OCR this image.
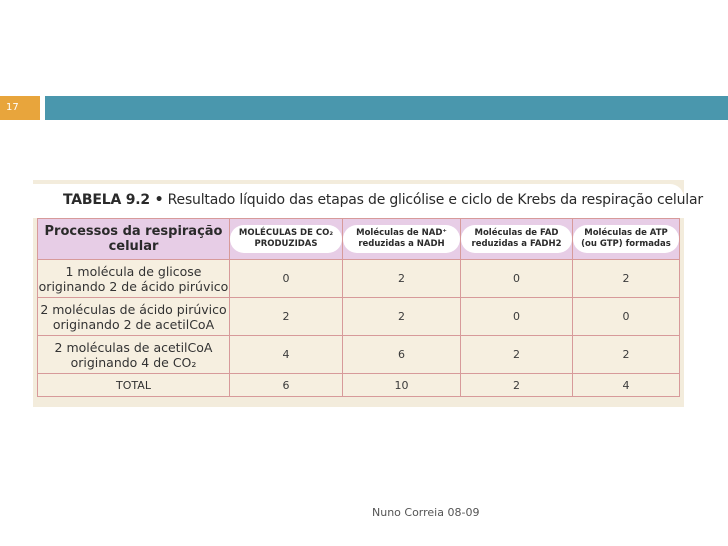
17
TABELA 9.2 • Resultado líquido das etapas de glicólise e ciclo de Krebs da respiração celular
Processos da respiração celular	MOLÉCULAS DE CO₂ PRODUZIDAS	Moléculas de NAD⁺ reduzidas a NADH	Moléculas de FAD reduzidas a FADH2	Moléculas de ATP (ou GTP) formadas
1 molécula de glicose originando 2 de ácido pirúvico	0	2	0	2
2 moléculas de ácido pirúvico originando 2 de acetilCoA	2	2	0	0
2 moléculas de acetilCoA originando 4 de CO₂	4	6	2	2
TOTAL	6	10	2	4
Nuno Correia 08-09
